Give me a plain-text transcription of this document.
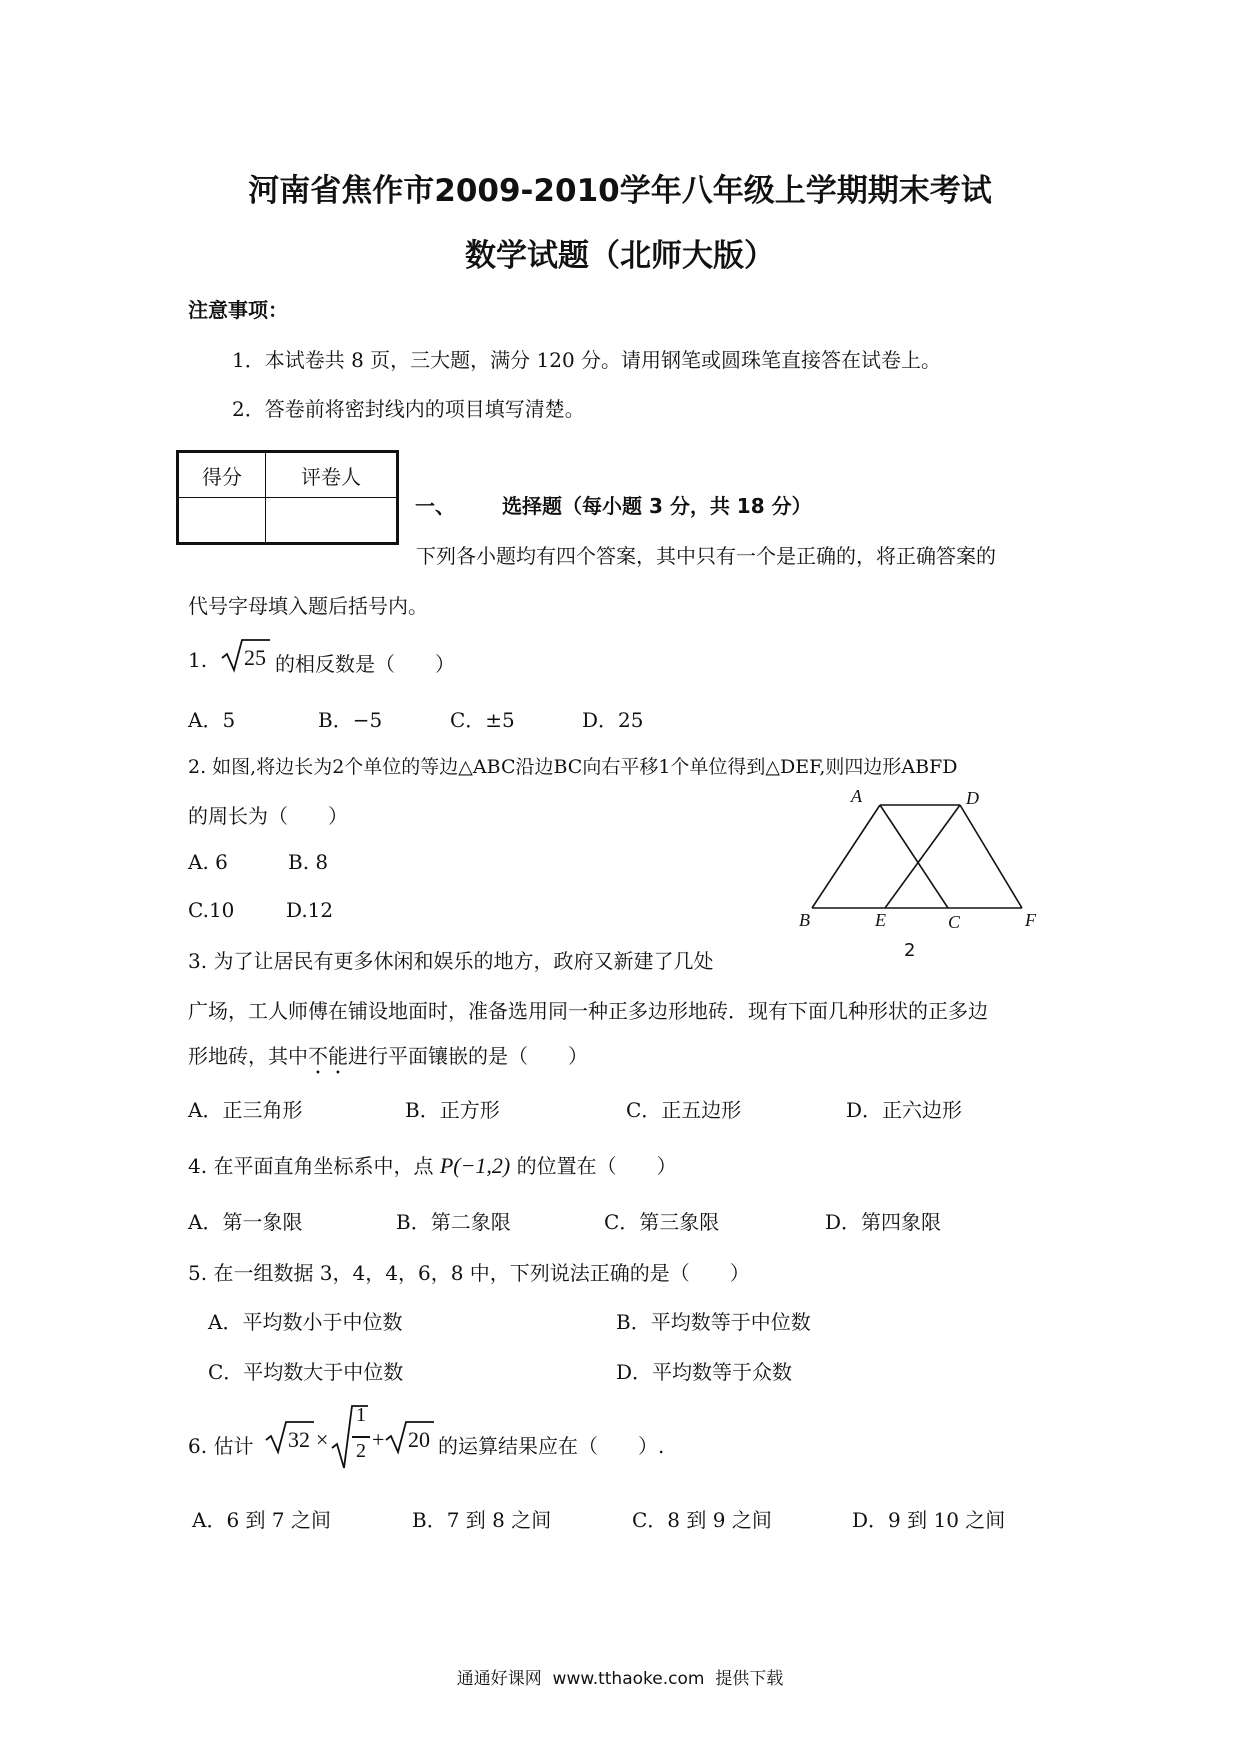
河南省焦作市2009-2010学年八年级上学期期末考试
数学试题（北师大版）
注意事项：
1．本试卷共 8 页，三大题，满分 120 分。请用钢笔或圆珠笔直接答在试卷上。
2．答卷前将密封线内的项目填写清楚。
得分	评卷人

一、 选择题（每小题 3 分，共 18 分）
下列各小题均有四个答案，其中只有一个是正确的，将正确答案的
代号字母填入题后括号内。
1. 25 的相反数是（　　）
A．5	B．−5	C．±5	D．25
2. 如图,将边长为2个单位的等边△ABC沿边BC向右平移1个单位得到△DEF,则四边形ABFD
的周长为（　　）
A. 6	B. 8
C.10	D.12
A	D
B	E	C	F
2
3. 为了让居民有更多休闲和娱乐的地方，政府又新建了几处
广场，工人师傅在铺设地面时，准备选用同一种正多边形地砖．现有下面几种形状的正多边
形地砖，其中不能进行平面镶嵌的是（　　）
A．正三角形	B．正方形	C．正五边形	D．正六边形
4. 在平面直角坐标系中，点 P(−1,2) 的位置在（　　）
A．第一象限	B．第二象限	C．第三象限	D．第四象限
5. 在一组数据 3，4，4，6，8 中，下列说法正确的是（　　）
A．平均数小于中位数	B．平均数等于中位数
C．平均数大于中位数	D．平均数等于众数
6. 估计 32 ×
1
2 + 20 的运算结果应在（　　）.
A．6 到 7 之间	B．7 到 8 之间	C．8 到 9 之间	D．9 到 10 之间
通通好课网  www.tthaoke.com  提供下载
